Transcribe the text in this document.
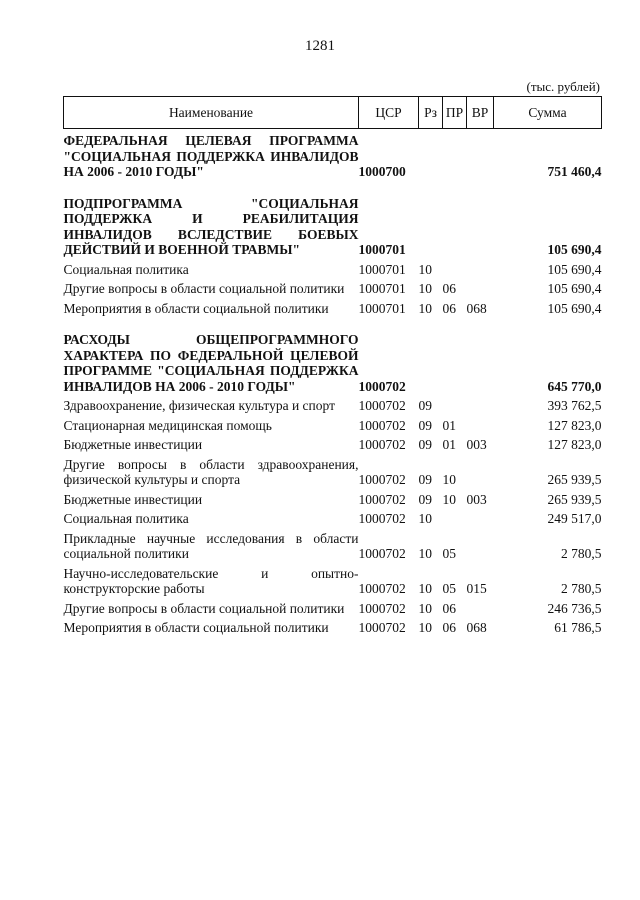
1281
(тыс. рублей)
Наименование	ЦСР	Рз	ПР	ВР	Сумма
ФЕДЕРАЛЬНАЯ ЦЕЛЕВАЯ ПРОГРАММА "СОЦИАЛЬНАЯ ПОДДЕРЖКА ИНВАЛИДОВ НА 2006 - 2010 ГОДЫ"	1000700				751 460,4
ПОДПРОГРАММА "СОЦИАЛЬНАЯ ПОДДЕРЖКА И РЕАБИЛИТАЦИЯ ИНВАЛИДОВ ВСЛЕДСТВИЕ БОЕВЫХ ДЕЙСТВИЙ И ВОЕННОЙ ТРАВМЫ"	1000701				105 690,4
Социальная политика	1000701	10			105 690,4
Другие вопросы в области социальной политики	1000701	10	06		105 690,4
Мероприятия в области социальной политики	1000701	10	06	068	105 690,4
РАСХОДЫ ОБЩЕПРОГРАММНОГО ХАРАКТЕРА ПО ФЕДЕРАЛЬНОЙ ЦЕЛЕВОЙ ПРОГРАММЕ "СОЦИАЛЬНАЯ ПОДДЕРЖКА ИНВАЛИДОВ НА 2006 - 2010 ГОДЫ"	1000702				645 770,0
Здравоохранение, физическая культура и спорт	1000702	09			393 762,5
Стационарная медицинская помощь	1000702	09	01		127 823,0
Бюджетные инвестиции	1000702	09	01	003	127 823,0
Другие вопросы в области здравоохранения, физической культуры и спорта	1000702	09	10		265 939,5
Бюджетные инвестиции	1000702	09	10	003	265 939,5
Социальная политика	1000702	10			249 517,0
Прикладные научные исследования в области социальной политики	1000702	10	05		2 780,5
Научно-исследовательские и опытно-конструкторские работы	1000702	10	05	015	2 780,5
Другие вопросы в области социальной политики	1000702	10	06		246 736,5
Мероприятия в области социальной политики	1000702	10	06	068	61 786,5
